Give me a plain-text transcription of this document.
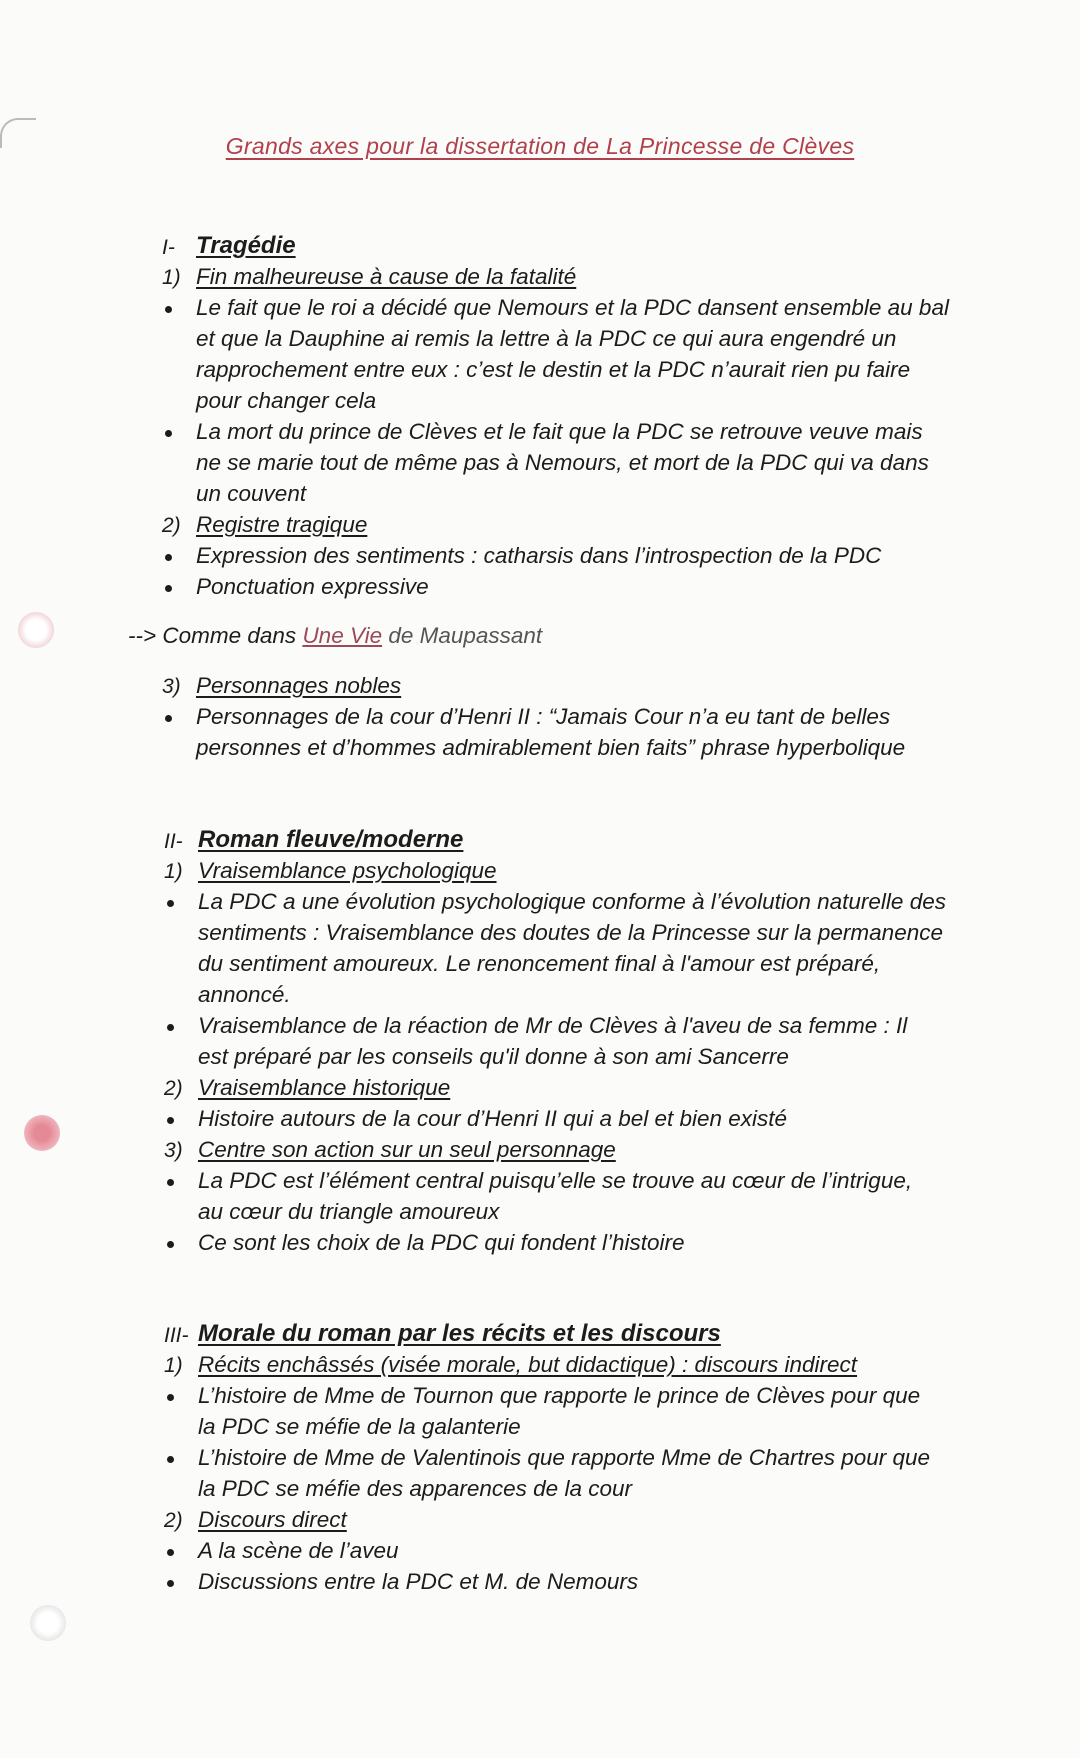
Grands axes pour la dissertation de La Princesse de Clèves
I- Tragédie
1) Fin malheureuse à cause de la fatalité
Le fait que le roi a décidé que Nemours et la PDC dansent ensemble au bal
et que la Dauphine ai remis la lettre à la PDC ce qui aura engendré un
rapprochement entre eux : c’est le destin et la PDC n’aurait rien pu faire
pour changer cela
La mort du prince de Clèves et le fait que la PDC se retrouve veuve mais
ne se marie tout de même pas à Nemours, et mort de la PDC qui va dans
un couvent
2) Registre tragique
Expression des sentiments : catharsis dans l’introspection de la PDC
Ponctuation expressive
--> Comme dans Une Vie de Maupassant
3) Personnages nobles
Personnages de la cour d’Henri II : “Jamais Cour n’a eu tant de belles
personnes et d’hommes admirablement bien faits” phrase hyperbolique
II- Roman fleuve/moderne
1) Vraisemblance psychologique
La PDC a une évolution psychologique conforme à l’évolution naturelle des
sentiments : Vraisemblance des doutes de la Princesse sur la permanence
du sentiment amoureux. Le renoncement final à l'amour est préparé,
annoncé.
Vraisemblance de la réaction de Mr de Clèves à l'aveu de sa femme : Il
est préparé par les conseils qu'il donne à son ami Sancerre
2) Vraisemblance historique
Histoire autours de la cour d’Henri II qui a bel et bien existé
3) Centre son action sur un seul personnage
La PDC est l’élément central puisqu’elle se trouve au cœur de l’intrigue,
au cœur du triangle amoureux
Ce sont les choix de la PDC qui fondent l’histoire
III- Morale du roman par les récits et les discours
1) Récits enchâssés (visée morale, but didactique) : discours indirect
L’histoire de Mme de Tournon que rapporte le prince de Clèves pour que
la PDC se méfie de la galanterie
L’histoire de Mme de Valentinois que rapporte Mme de Chartres pour que
la PDC se méfie des apparences de la cour
2) Discours direct
A la scène de l’aveu
Discussions entre la PDC et M. de Nemours
